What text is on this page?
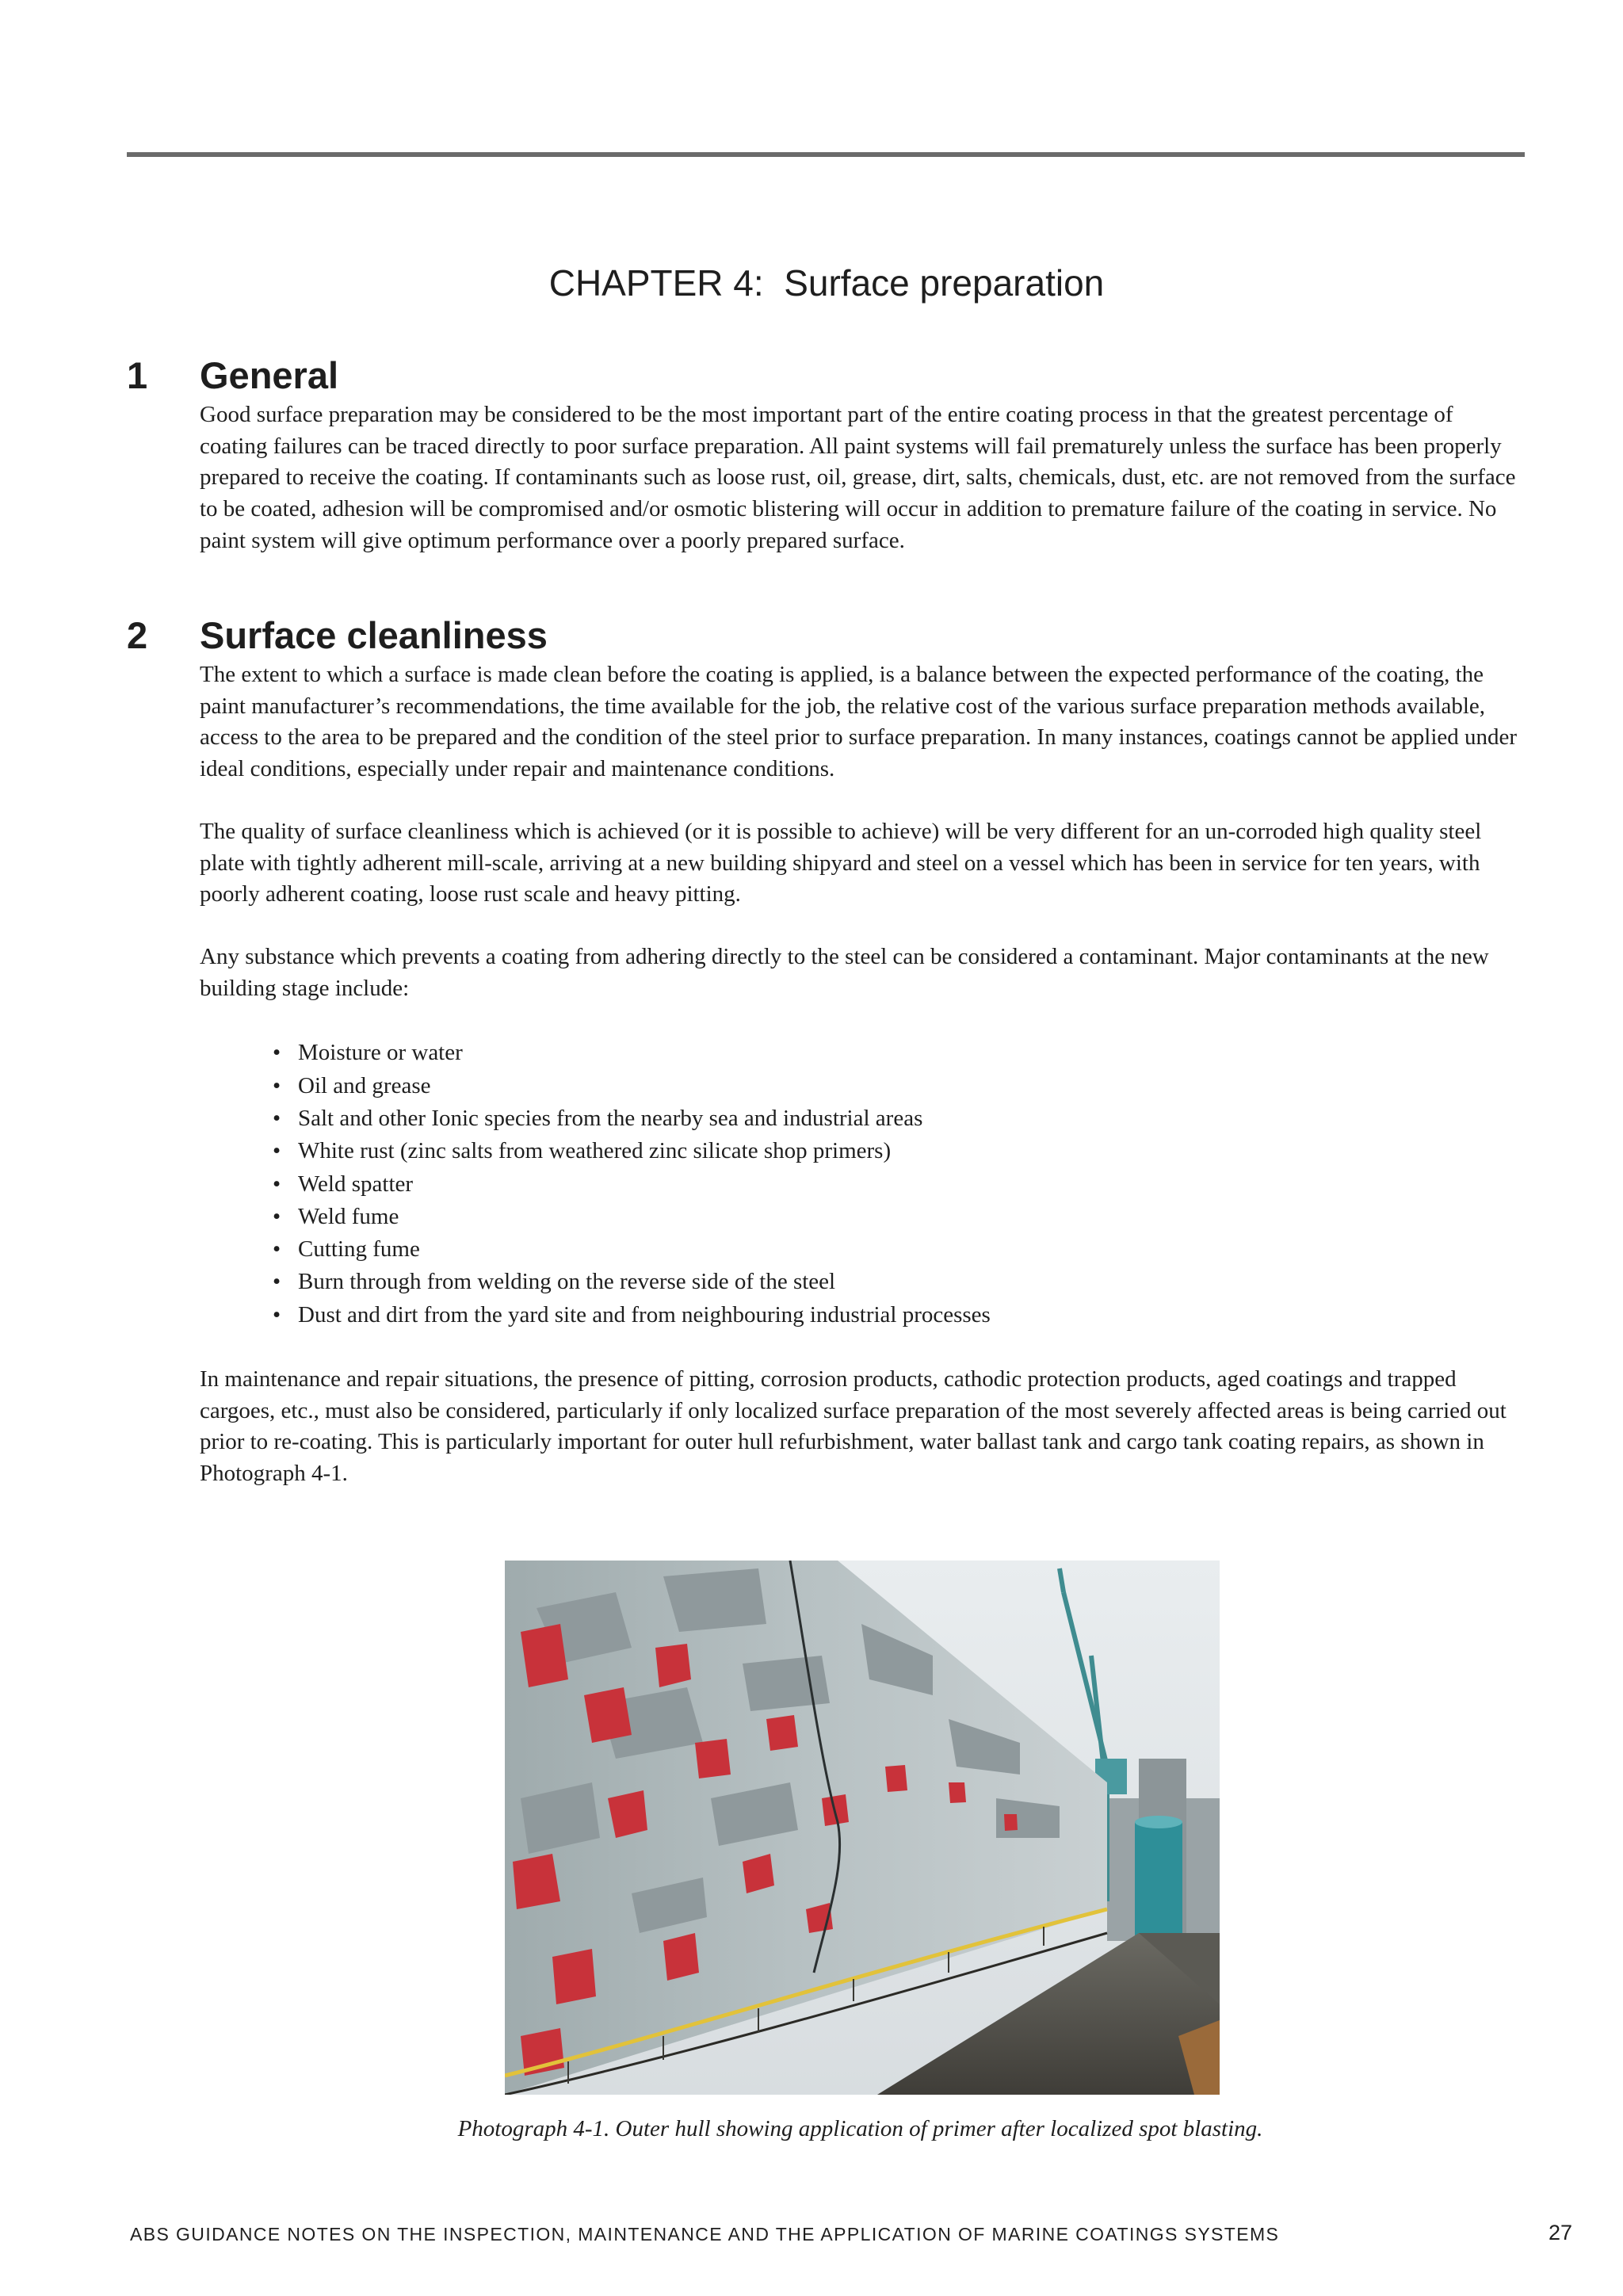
CHAPTER 4:  Surface preparation
1	General

Good surface preparation may be considered to be the most important part of the entire coating process in that the greatest percentage of coating failures can be traced directly to poor surface preparation. All paint systems will fail prematurely unless the surface has been properly prepared to receive the coating. If contaminants such as loose rust, oil, grease, dirt, salts, chemicals, dust, etc. are not removed from the surface to be coated, adhesion will be compromised and/or osmotic blistering will occur in addition to premature failure of the coating in service. No paint system will give optimum performance over a poorly prepared surface.

2	Surface cleanliness

The extent to which a surface is made clean before the coating is applied, is a balance between the expected performance of the coating, the paint manufacturer’s recommendations, the time available for the job, the relative cost of the various surface preparation methods available, access to the area to be prepared and the condition of the steel prior to surface preparation. In many instances, coatings cannot be applied under ideal conditions, especially under repair and maintenance conditions.

The quality of surface cleanliness which is achieved (or it is possible to achieve) will be very different for an un-corroded high quality steel plate with tightly adherent mill-scale, arriving at a new building shipyard and steel on a vessel which has been in service for ten years, with poorly adherent coating, loose rust scale and heavy pitting.

Any substance which prevents a coating from adhering directly to the steel can be considered a contaminant. Major contaminants at the new building stage include:

• Moisture or water
• Oil and grease
• Salt and other Ionic species from the nearby sea and industrial areas
• White rust (zinc salts from weathered zinc silicate shop primers)
• Weld spatter
• Weld fume
• Cutting fume
• Burn through from welding on the reverse side of the steel
• Dust and dirt from the yard site and from neighbouring industrial processes

In maintenance and repair situations, the presence of pitting, corrosion products, cathodic protection products, aged coatings and trapped cargoes, etc., must also be considered, particularly if only localized surface preparation of the most severely affected areas is being carried out prior to re-coating. This is particularly important for outer hull refurbishment, water ballast tank and cargo tank coating repairs, as shown in Photograph 4-1.

Photograph 4-1. Outer hull showing application of primer after localized spot blasting.
ABS GUIDANCE NOTES ON THE INSPECTION, MAINTENANCE AND THE APPLICATION OF MARINE COATINGS SYSTEMS	27
